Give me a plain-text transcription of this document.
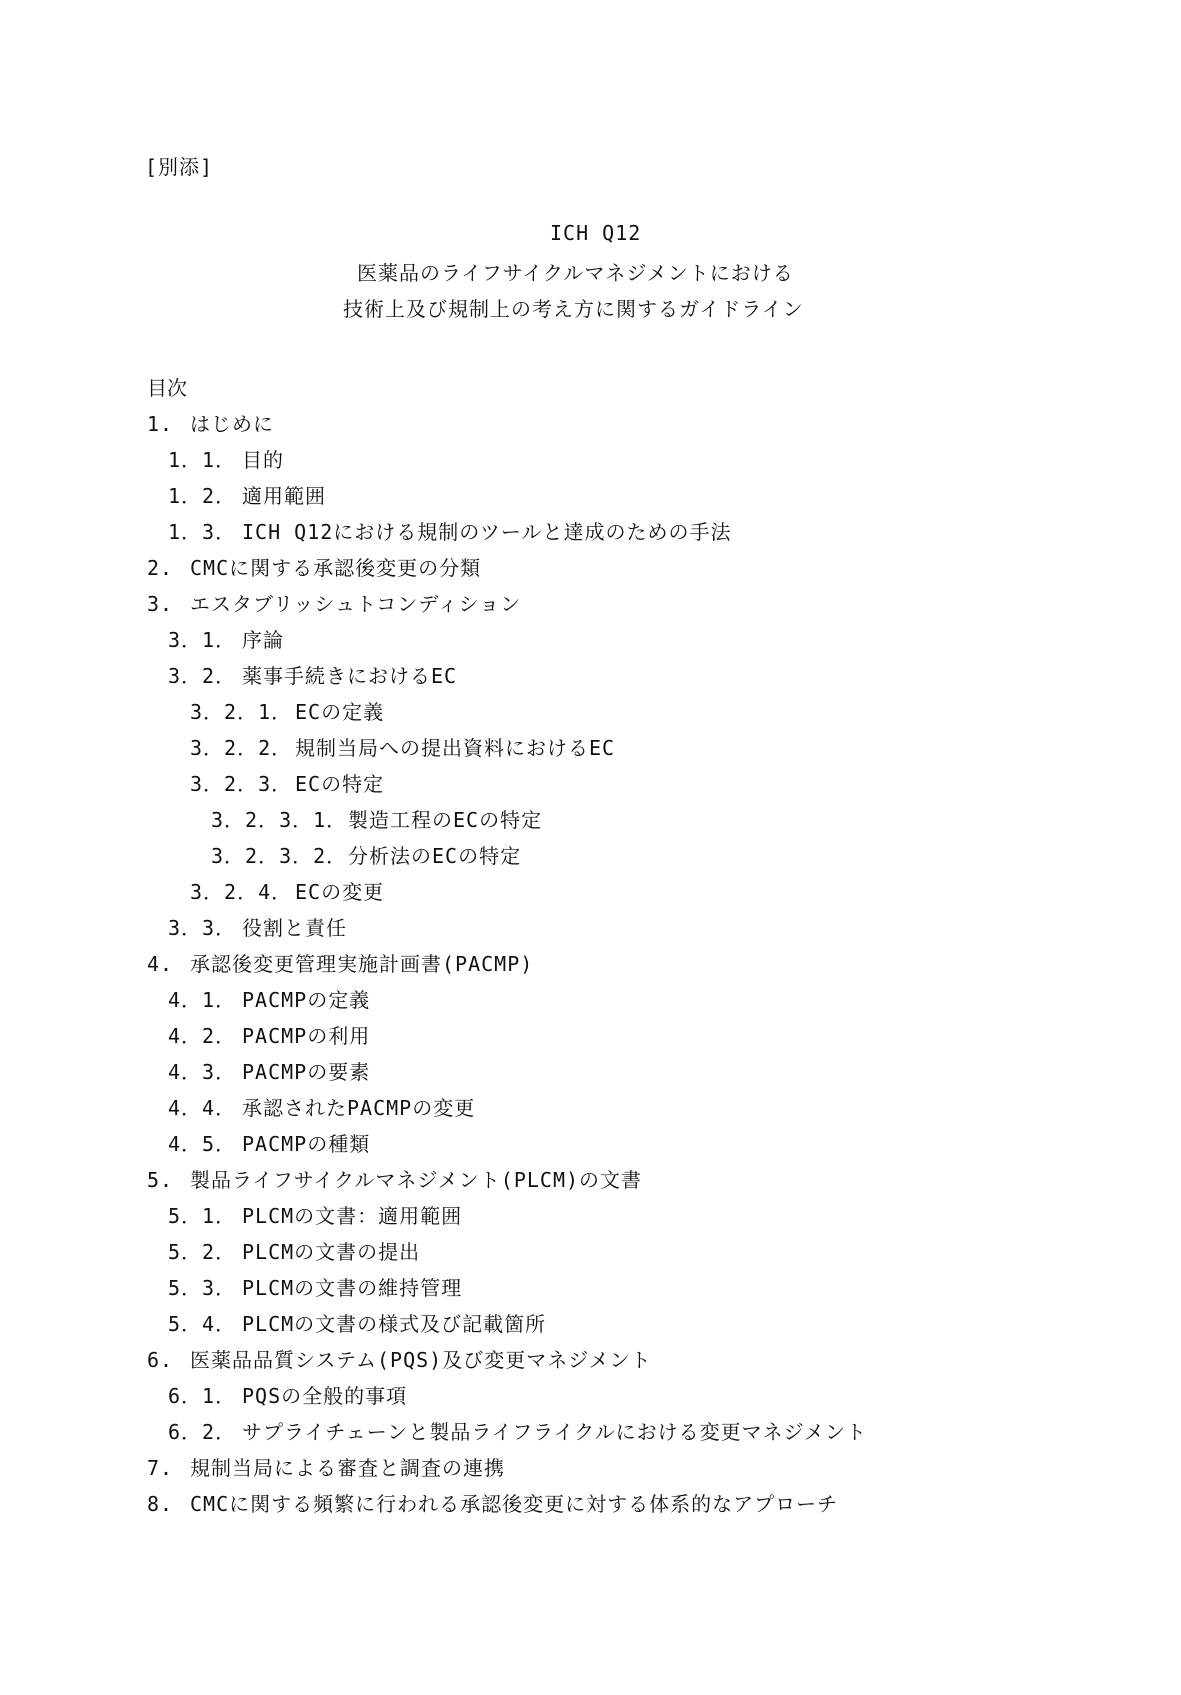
[別添]
ICH Q12
医薬品のライフサイクルマネジメントにおける
技術上及び規制上の考え方に関するガイドライン
目次
1. はじめに
1．1． 目的
1．2． 適用範囲
1．3． ICH Q12における規制のツールと達成のための手法
2. CMCに関する承認後変更の分類
3. エスタブリッシュトコンディション
3．1． 序論
3．2． 薬事手続きにおけるEC
3．2．1． ECの定義
3．2．2． 規制当局への提出資料におけるEC
3．2．3． ECの特定
3．2．3．1．製造工程のECの特定
3．2．3．2．分析法のECの特定
3．2．4． ECの変更
3．3． 役割と責任
4. 承認後変更管理実施計画書(PACMP)
4．1． PACMPの定義
4．2． PACMPの利用
4．3． PACMPの要素
4．4． 承認されたPACMPの変更
4．5． PACMPの種類
5. 製品ライフサイクルマネジメント(PLCM)の文書
5．1． PLCMの文書：適用範囲
5．2． PLCMの文書の提出
5．3． PLCMの文書の維持管理
5．4． PLCMの文書の様式及び記載箇所
6. 医薬品品質システム(PQS)及び変更マネジメント
6．1． PQSの全般的事項
6．2． サプライチェーンと製品ライフライクルにおける変更マネジメント
7. 規制当局による審査と調査の連携
8. CMCに関する頻繁に行われる承認後変更に対する体系的なアプローチ
